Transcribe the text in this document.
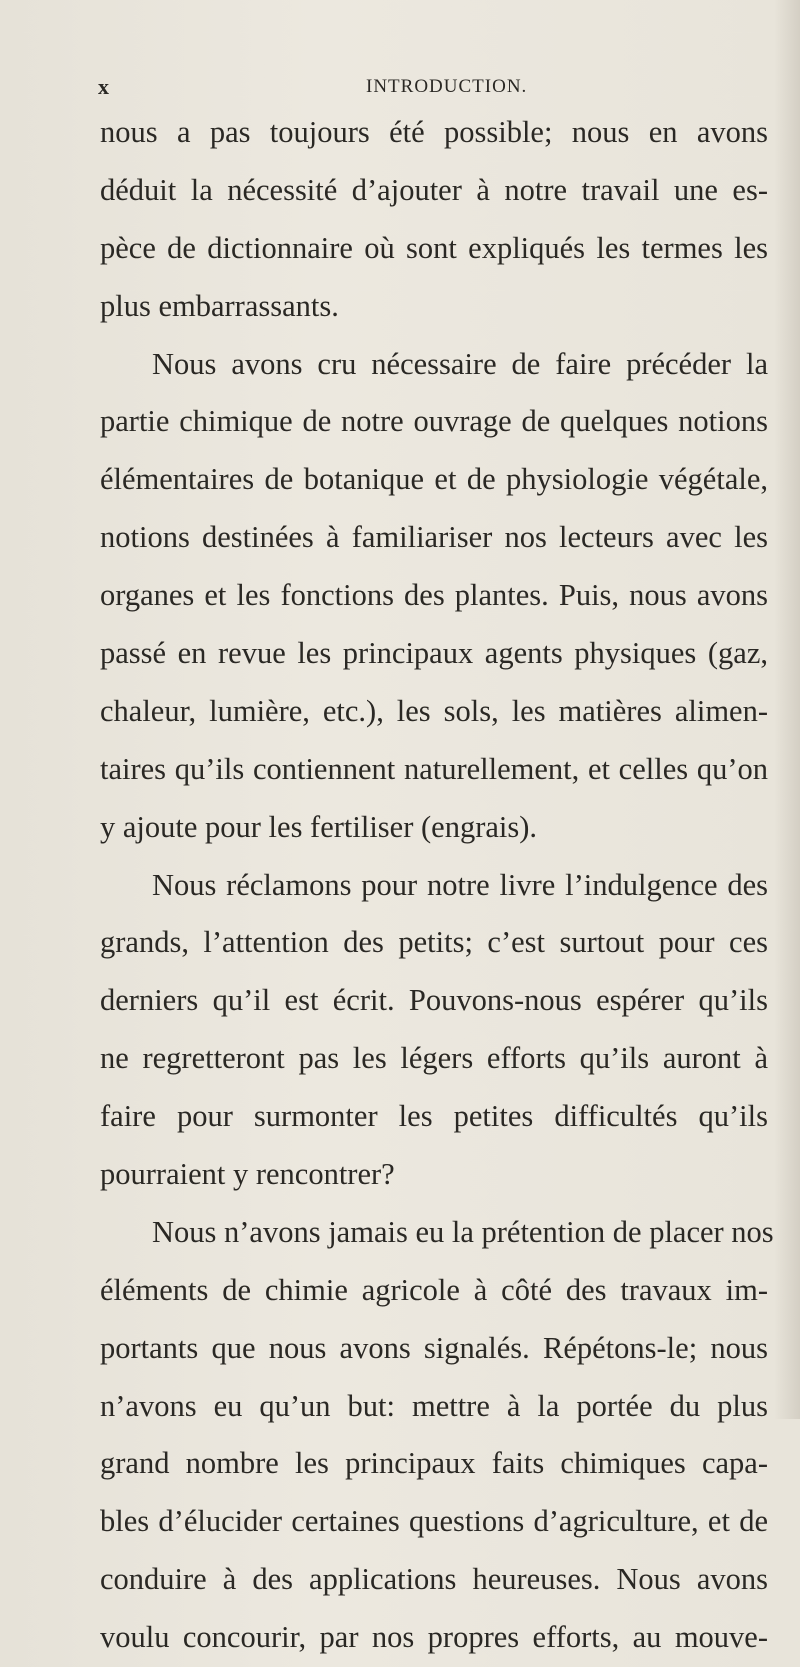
x	INTRODUCTION.
nous a pas toujours été possible; nous en avons
déduit la nécessité d’ajouter à notre travail une es-
pèce de dictionnaire où sont expliqués les termes les
plus embarrassants.
Nous avons cru nécessaire de faire précéder la
partie chimique de notre ouvrage de quelques notions
élémentaires de botanique et de physiologie végétale,
notions destinées à familiariser nos lecteurs avec les
organes et les fonctions des plantes. Puis, nous avons
passé en revue les principaux agents physiques (gaz,
chaleur, lumière, etc.), les sols, les matières alimen-
taires qu’ils contiennent naturellement, et celles qu’on
y ajoute pour les fertiliser (engrais).
Nous réclamons pour notre livre l’indulgence des
grands, l’attention des petits; c’est surtout pour ces
derniers qu’il est écrit. Pouvons-nous espérer qu’ils
ne regretteront pas les légers efforts qu’ils auront à
faire pour surmonter les petites difficultés qu’ils
pourraient y rencontrer?
Nous n’avons jamais eu la prétention de placer nos
éléments de chimie agricole à côté des travaux im-
portants que nous avons signalés. Répétons-le; nous
n’avons eu qu’un but: mettre à la portée du plus
grand nombre les principaux faits chimiques capa-
bles d’élucider certaines questions d’agriculture, et de
conduire à des applications heureuses. Nous avons
voulu concourir, par nos propres efforts, au mouve-
